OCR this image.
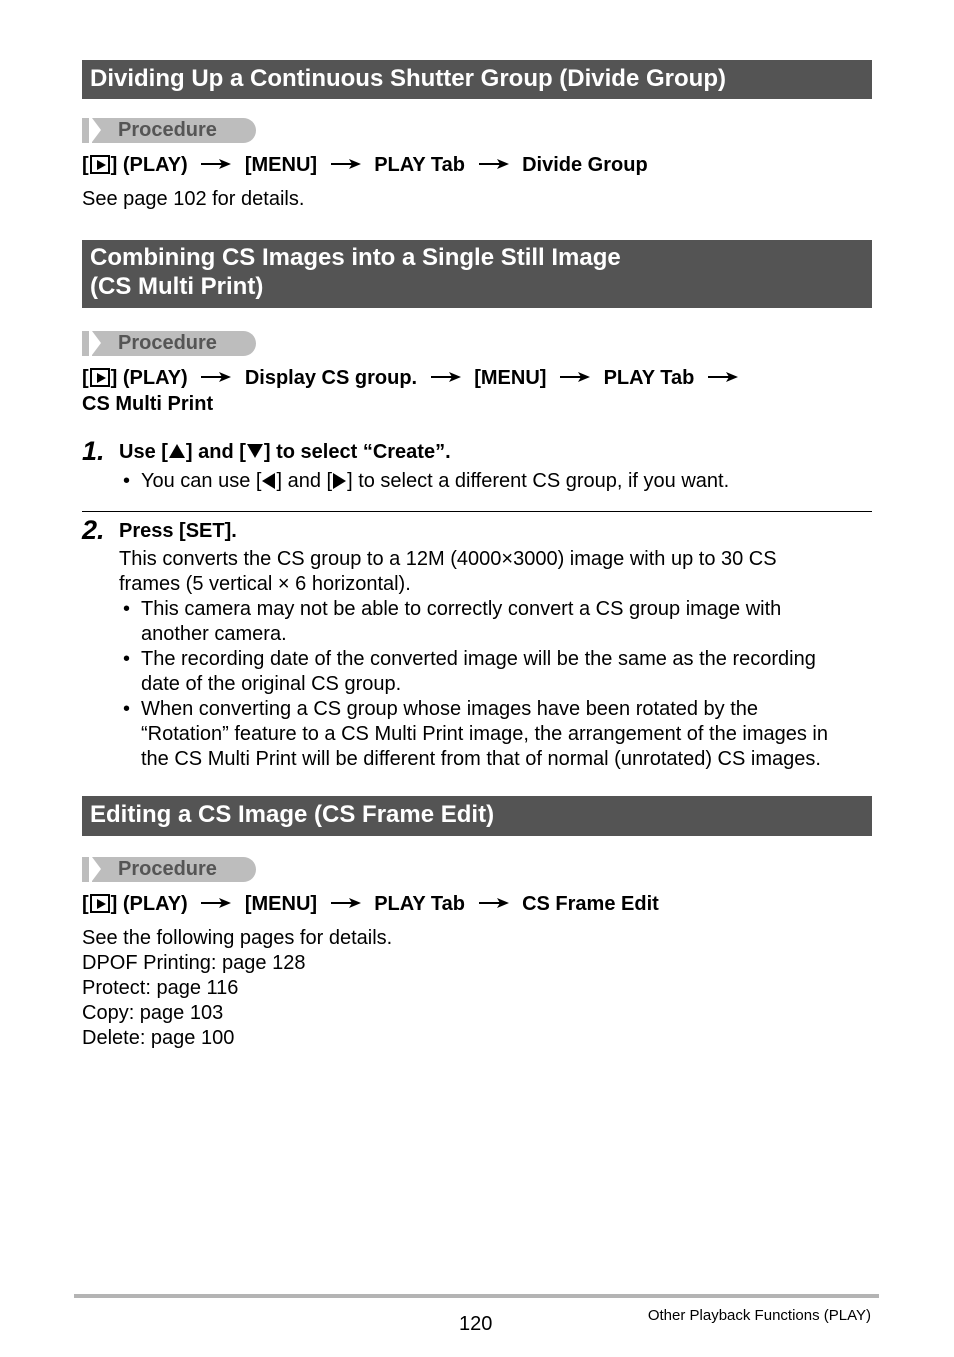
Dividing Up a Continuous Shutter Group (Divide Group)
Procedure
[ ] (PLAY)	[MENU]	PLAY Tab	Divide Group
See page 102 for details.
Combining CS Images into a Single Still Image
(CS Multi Print)
Procedure
[ ] (PLAY)	Display CS group.	[MENU]	PLAY Tab
CS Multi Print
1. Use [ ] and [ ] to select “Create”.
• You can use [ ] and [ ] to select a different CS group, if you want.
2. Press [SET].
This converts the CS group to a 12M (4000×3000) image with up to 30 CS
frames (5 vertical × 6 horizontal).
• This camera may not be able to correctly convert a CS group image with
another camera.
• The recording date of the converted image will be the same as the recording
date of the original CS group.
• When converting a CS group whose images have been rotated by the
“Rotation” feature to a CS Multi Print image, the arrangement of the images in
the CS Multi Print will be different from that of normal (unrotated) CS images.
Editing a CS Image (CS Frame Edit)
Procedure
[ ] (PLAY)	[MENU]	PLAY Tab	CS Frame Edit
See the following pages for details.
DPOF Printing: page 128
Protect: page 116
Copy: page 103
Delete: page 100
120	Other Playback Functions (PLAY)
